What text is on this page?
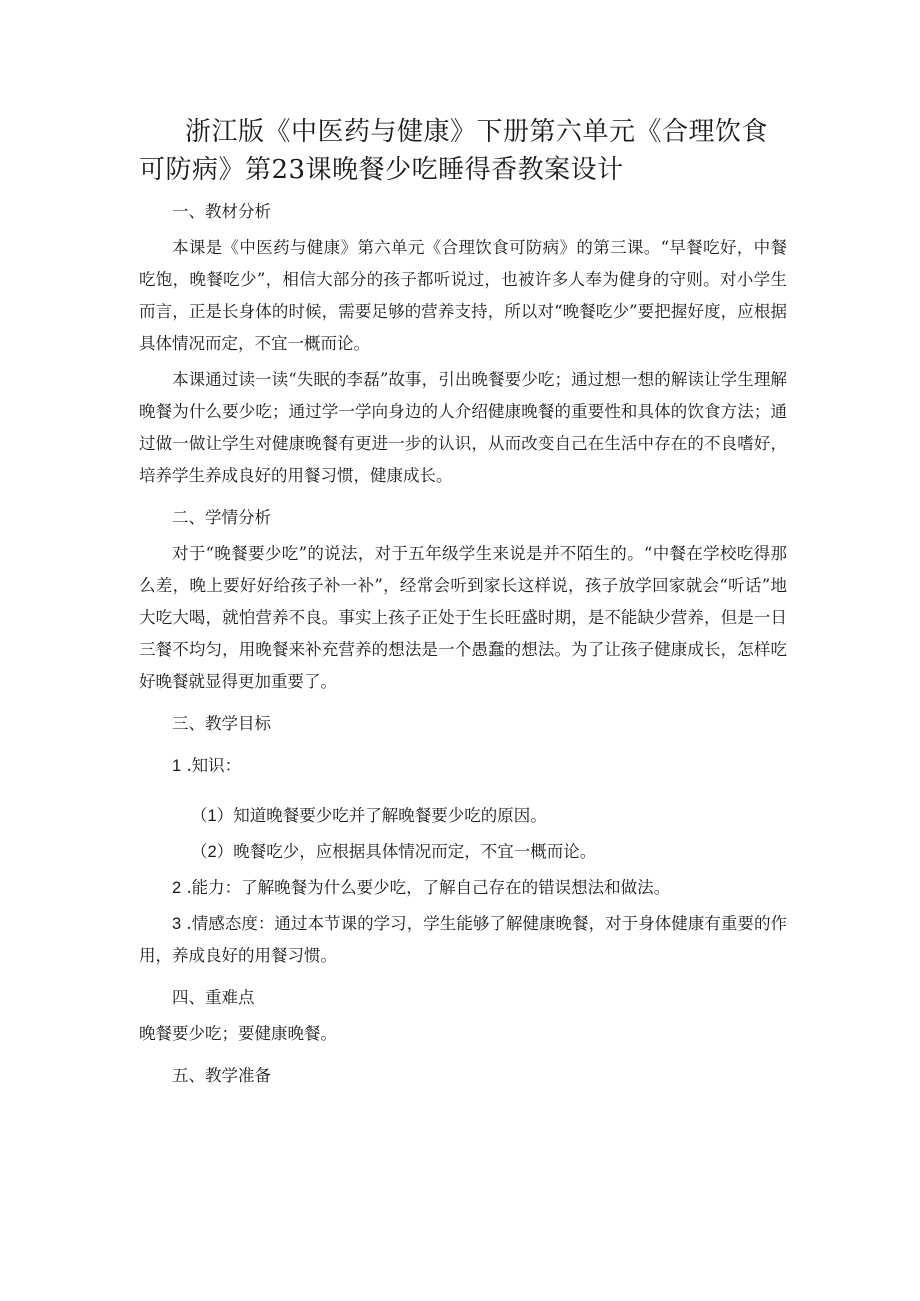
浙江版《中医药与健康》下册第六单元《合理饮食可防病》第23课晚餐少吃睡得香教案设计

一、教材分析

本课是《中医药与健康》第六单元《合理饮食可防病》的第三课。“早餐吃好，中餐吃饱，晚餐吃少”，相信大部分的孩子都听说过，也被许多人奉为健身的守则。对小学生而言，正是长身体的时候，需要足够的营养支持，所以对“晚餐吃少”要把握好度，应根据具体情况而定，不宜一概而论。

本课通过读一读“失眠的李磊”故事，引出晚餐要少吃；通过想一想的解读让学生理解晚餐为什么要少吃；通过学一学向身边的人介绍健康晚餐的重要性和具体的饮食方法；通过做一做让学生对健康晚餐有更进一步的认识，从而改变自己在生活中存在的不良嗜好，培养学生养成良好的用餐习惯，健康成长。

二、学情分析

对于“晚餐要少吃”的说法，对于五年级学生来说是并不陌生的。“中餐在学校吃得那么差，晚上要好好给孩子补一补”，经常会听到家长这样说，孩子放学回家就会“听话”地大吃大喝，就怕营养不良。事实上孩子正处于生长旺盛时期，是不能缺少营养，但是一日三餐不均匀，用晚餐来补充营养的想法是一个愚蠢的想法。为了让孩子健康成长，怎样吃好晚餐就显得更加重要了。

三、教学目标

1 .知识：

（1）知道晚餐要少吃并了解晚餐要少吃的原因。

（2）晚餐吃少，应根据具体情况而定，不宜一概而论。

2 .能力：了解晚餐为什么要少吃，了解自己存在的错误想法和做法。

3 .情感态度：通过本节课的学习，学生能够了解健康晚餐，对于身体健康有重要的作用，养成良好的用餐习惯。

四、重难点

晚餐要少吃；要健康晚餐。

五、教学准备
